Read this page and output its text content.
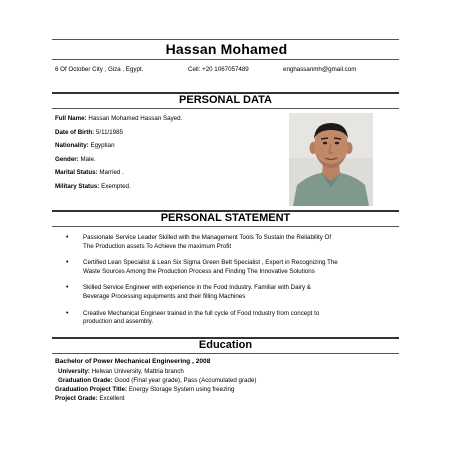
Hassan Mohamed
6 Of October City , Giza , Egypt.	Cell: +20 1067057489	enghassanmh@gmail.com
PERSONAL DATA
Full Name: Hassan Mohamed Hassan Sayed.
Date of Birth: 5/11/1985
Nationality: Egyptian
Gender: Male.
Marital Status: Married .
Military Status: Exempted.
PERSONAL STATEMENT
• Passionate Service Leader Skilled with the Management Tools To Sustain the Reliability Of
The Production assets To Achieve the maximum Profit
• Certified Lean Specialist & Lean Six Sigma Green Belt Specialist , Expert in Recognizing The
Waste Sources Among the Production Process and Finding The Innovative Solutions
• Skilled Service Engineer with experience in the Food Industry. Familiar with Dairy &
Beverage Processing equipments and their filling Machines
• Creative Mechanical Engineer trained in the full cycle of Food Industry from concept to
production and assembly.
Education
Bachelor of Power Mechanical Engineering , 2008
University: Helwan University, Mattria branch
Graduation Grade: Good (Final year grade), Pass (Accumulated grade)
Graduation Project Title: Energy Storage System using freezing
Project Grade: Excellent
